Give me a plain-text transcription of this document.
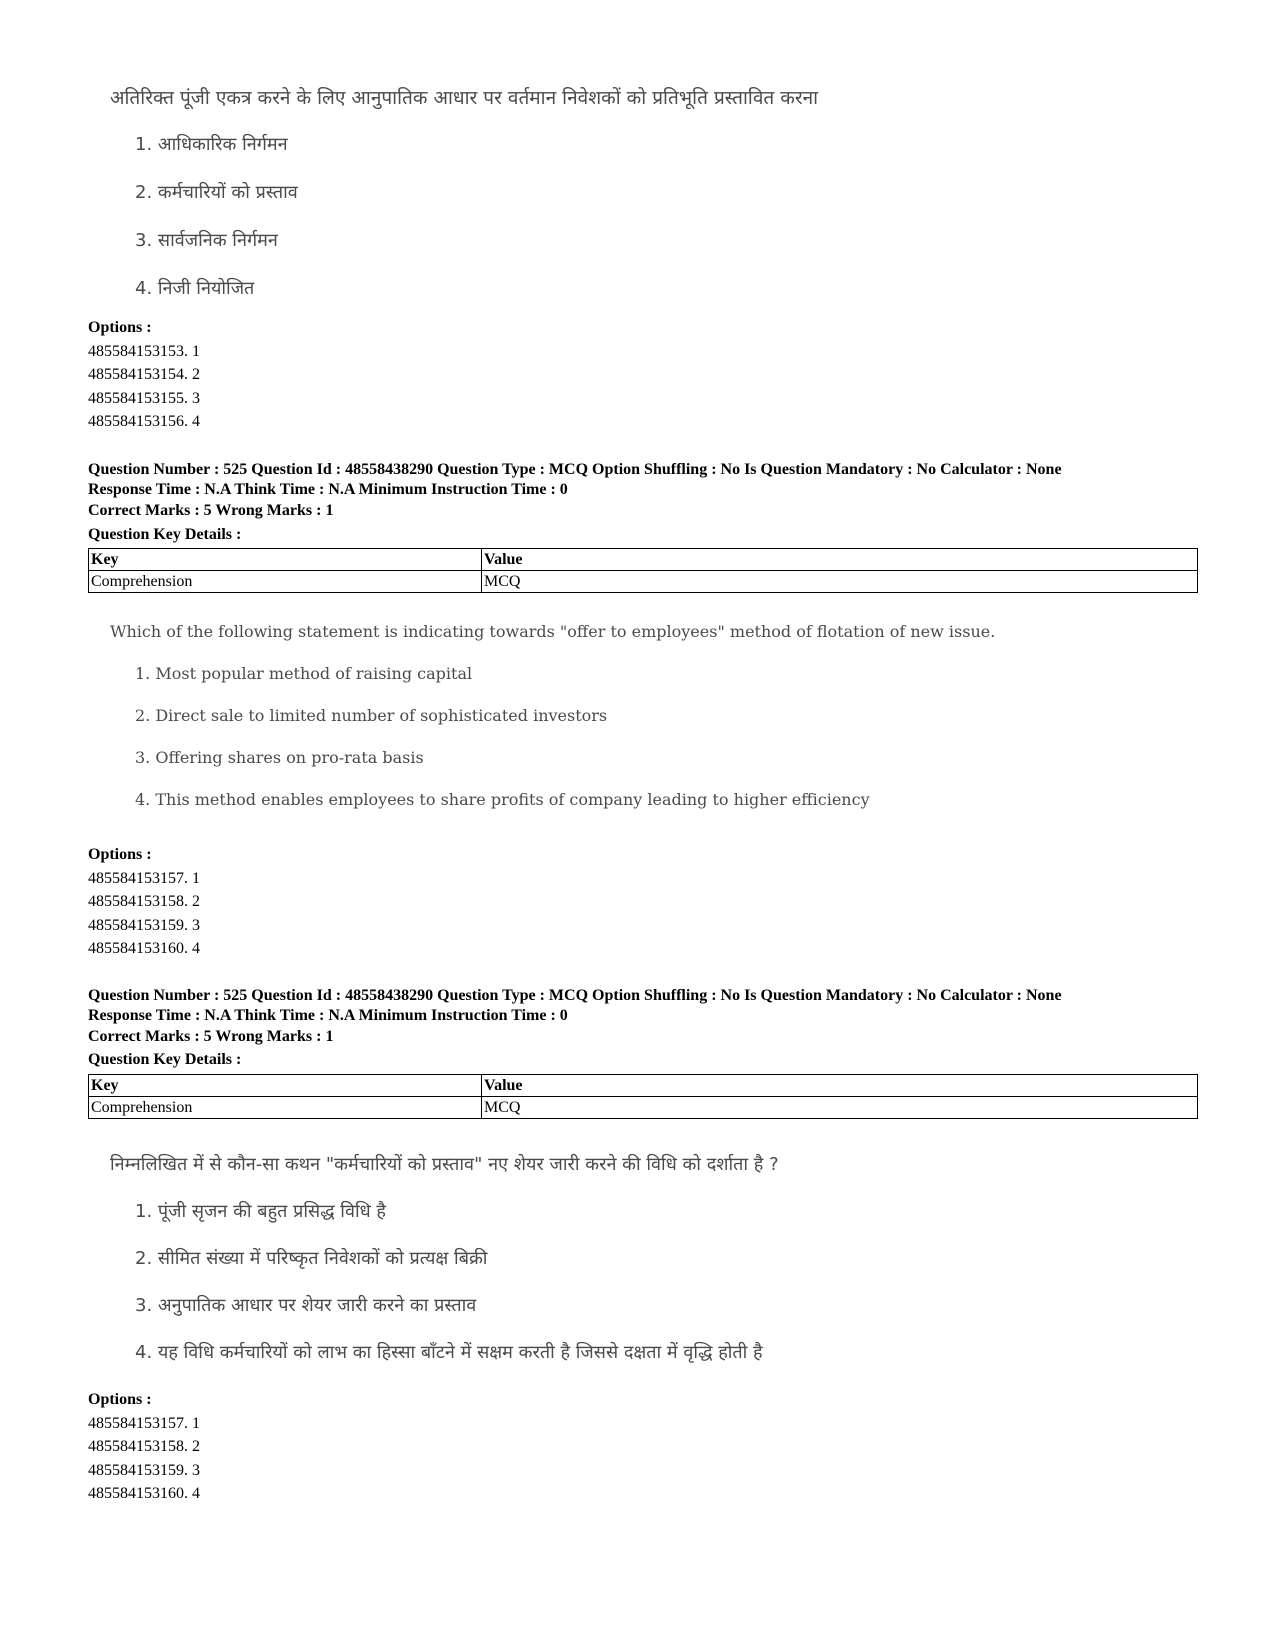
अतिरिक्त पूंजी एकत्र करने के लिए आनुपातिक आधार पर वर्तमान निवेशकों को प्रतिभूति प्रस्तावित करना
1. आधिकारिक निर्गमन
2. कर्मचारियों को प्रस्ताव
3. सार्वजनिक निर्गमन
4. निजी नियोजित
Options :
485584153153. 1
485584153154. 2
485584153155. 3
485584153156. 4
Question Number : 525 Question Id : 48558438290 Question Type : MCQ Option Shuffling : No Is Question Mandatory : No Calculator : None
Response Time : N.A Think Time : N.A Minimum Instruction Time : 0
Correct Marks : 5 Wrong Marks : 1
Question Key Details :
Key	Value
Comprehension	MCQ
Which of the following statement is indicating towards "offer to employees" method of flotation of new issue.
1. Most popular method of raising capital
2. Direct sale to limited number of sophisticated investors
3. Offering shares on pro-rata basis
4. This method enables employees to share profits of company leading to higher efficiency
Options :
485584153157. 1
485584153158. 2
485584153159. 3
485584153160. 4
Question Number : 525 Question Id : 48558438290 Question Type : MCQ Option Shuffling : No Is Question Mandatory : No Calculator : None
Response Time : N.A Think Time : N.A Minimum Instruction Time : 0
Correct Marks : 5 Wrong Marks : 1
Question Key Details :
Key	Value
Comprehension	MCQ
निम्नलिखित में से कौन-सा कथन "कर्मचारियों को प्रस्ताव" नए शेयर जारी करने की विधि को दर्शाता है ?
1. पूंजी सृजन की बहुत प्रसिद्ध विधि है
2. सीमित संख्या में परिष्कृत निवेशकों को प्रत्यक्ष बिक्री
3. अनुपातिक आधार पर शेयर जारी करने का प्रस्ताव
4. यह विधि कर्मचारियों को लाभ का हिस्सा बाँटने में सक्षम करती है जिससे दक्षता में वृद्धि होती है
Options :
485584153157. 1
485584153158. 2
485584153159. 3
485584153160. 4
